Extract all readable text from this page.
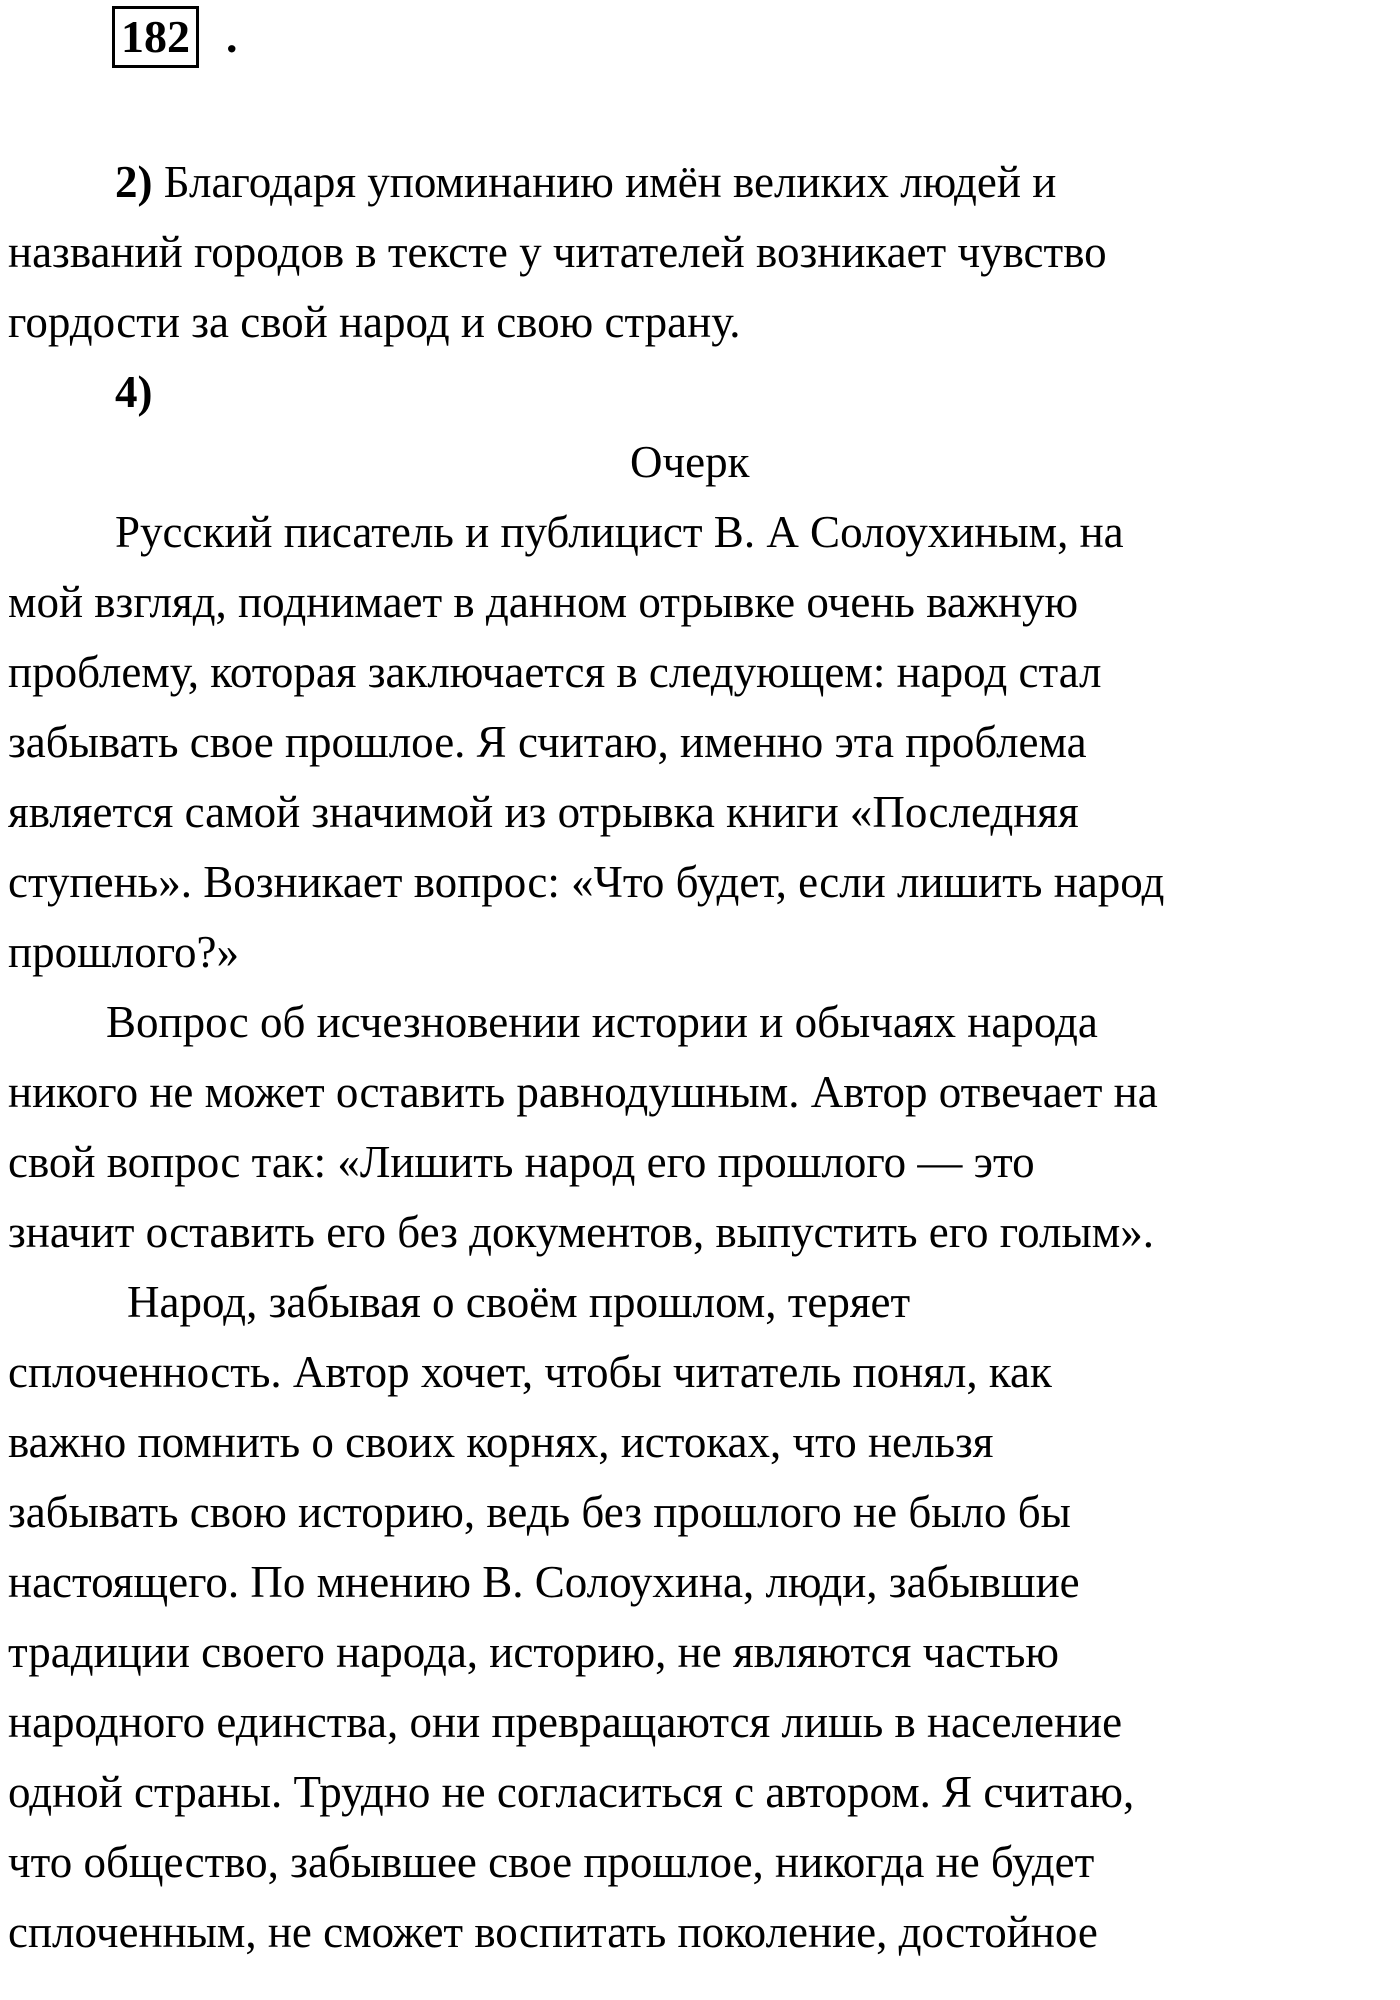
182 .
2) Благодаря упоминанию имён великих людей и
названий городов в тексте у читателей возникает чувство
гордости за свой народ и свою страну.
4)
Очерк
Русский писатель и публицист В. А Солоухиным, на
мой взгляд, поднимает в данном отрывке очень важную
проблему, которая заключается в следующем: народ стал
забывать свое прошлое. Я считаю, именно эта проблема
является самой значимой из отрывка книги «Последняя
ступень». Возникает вопрос: «Что будет, если лишить народ
прошлого?»
Вопрос об исчезновении истории и обычаях народа
никого не может оставить равнодушным. Автор отвечает на
свой вопрос так: «Лишить народ его прошлого — это
значит оставить его без документов, выпустить его голым».
Народ, забывая о своём прошлом, теряет
сплоченность. Автор хочет, чтобы читатель понял, как
важно помнить о своих корнях, истоках, что нельзя
забывать свою историю, ведь без прошлого не было бы
настоящего. По мнению В. Солоухина, люди, забывшие
традиции своего народа, историю, не являются частью
народного единства, они превращаются лишь в население
одной страны. Трудно не согласиться с автором. Я считаю,
что общество, забывшее свое прошлое, никогда не будет
сплоченным, не сможет воспитать поколение, достойное
